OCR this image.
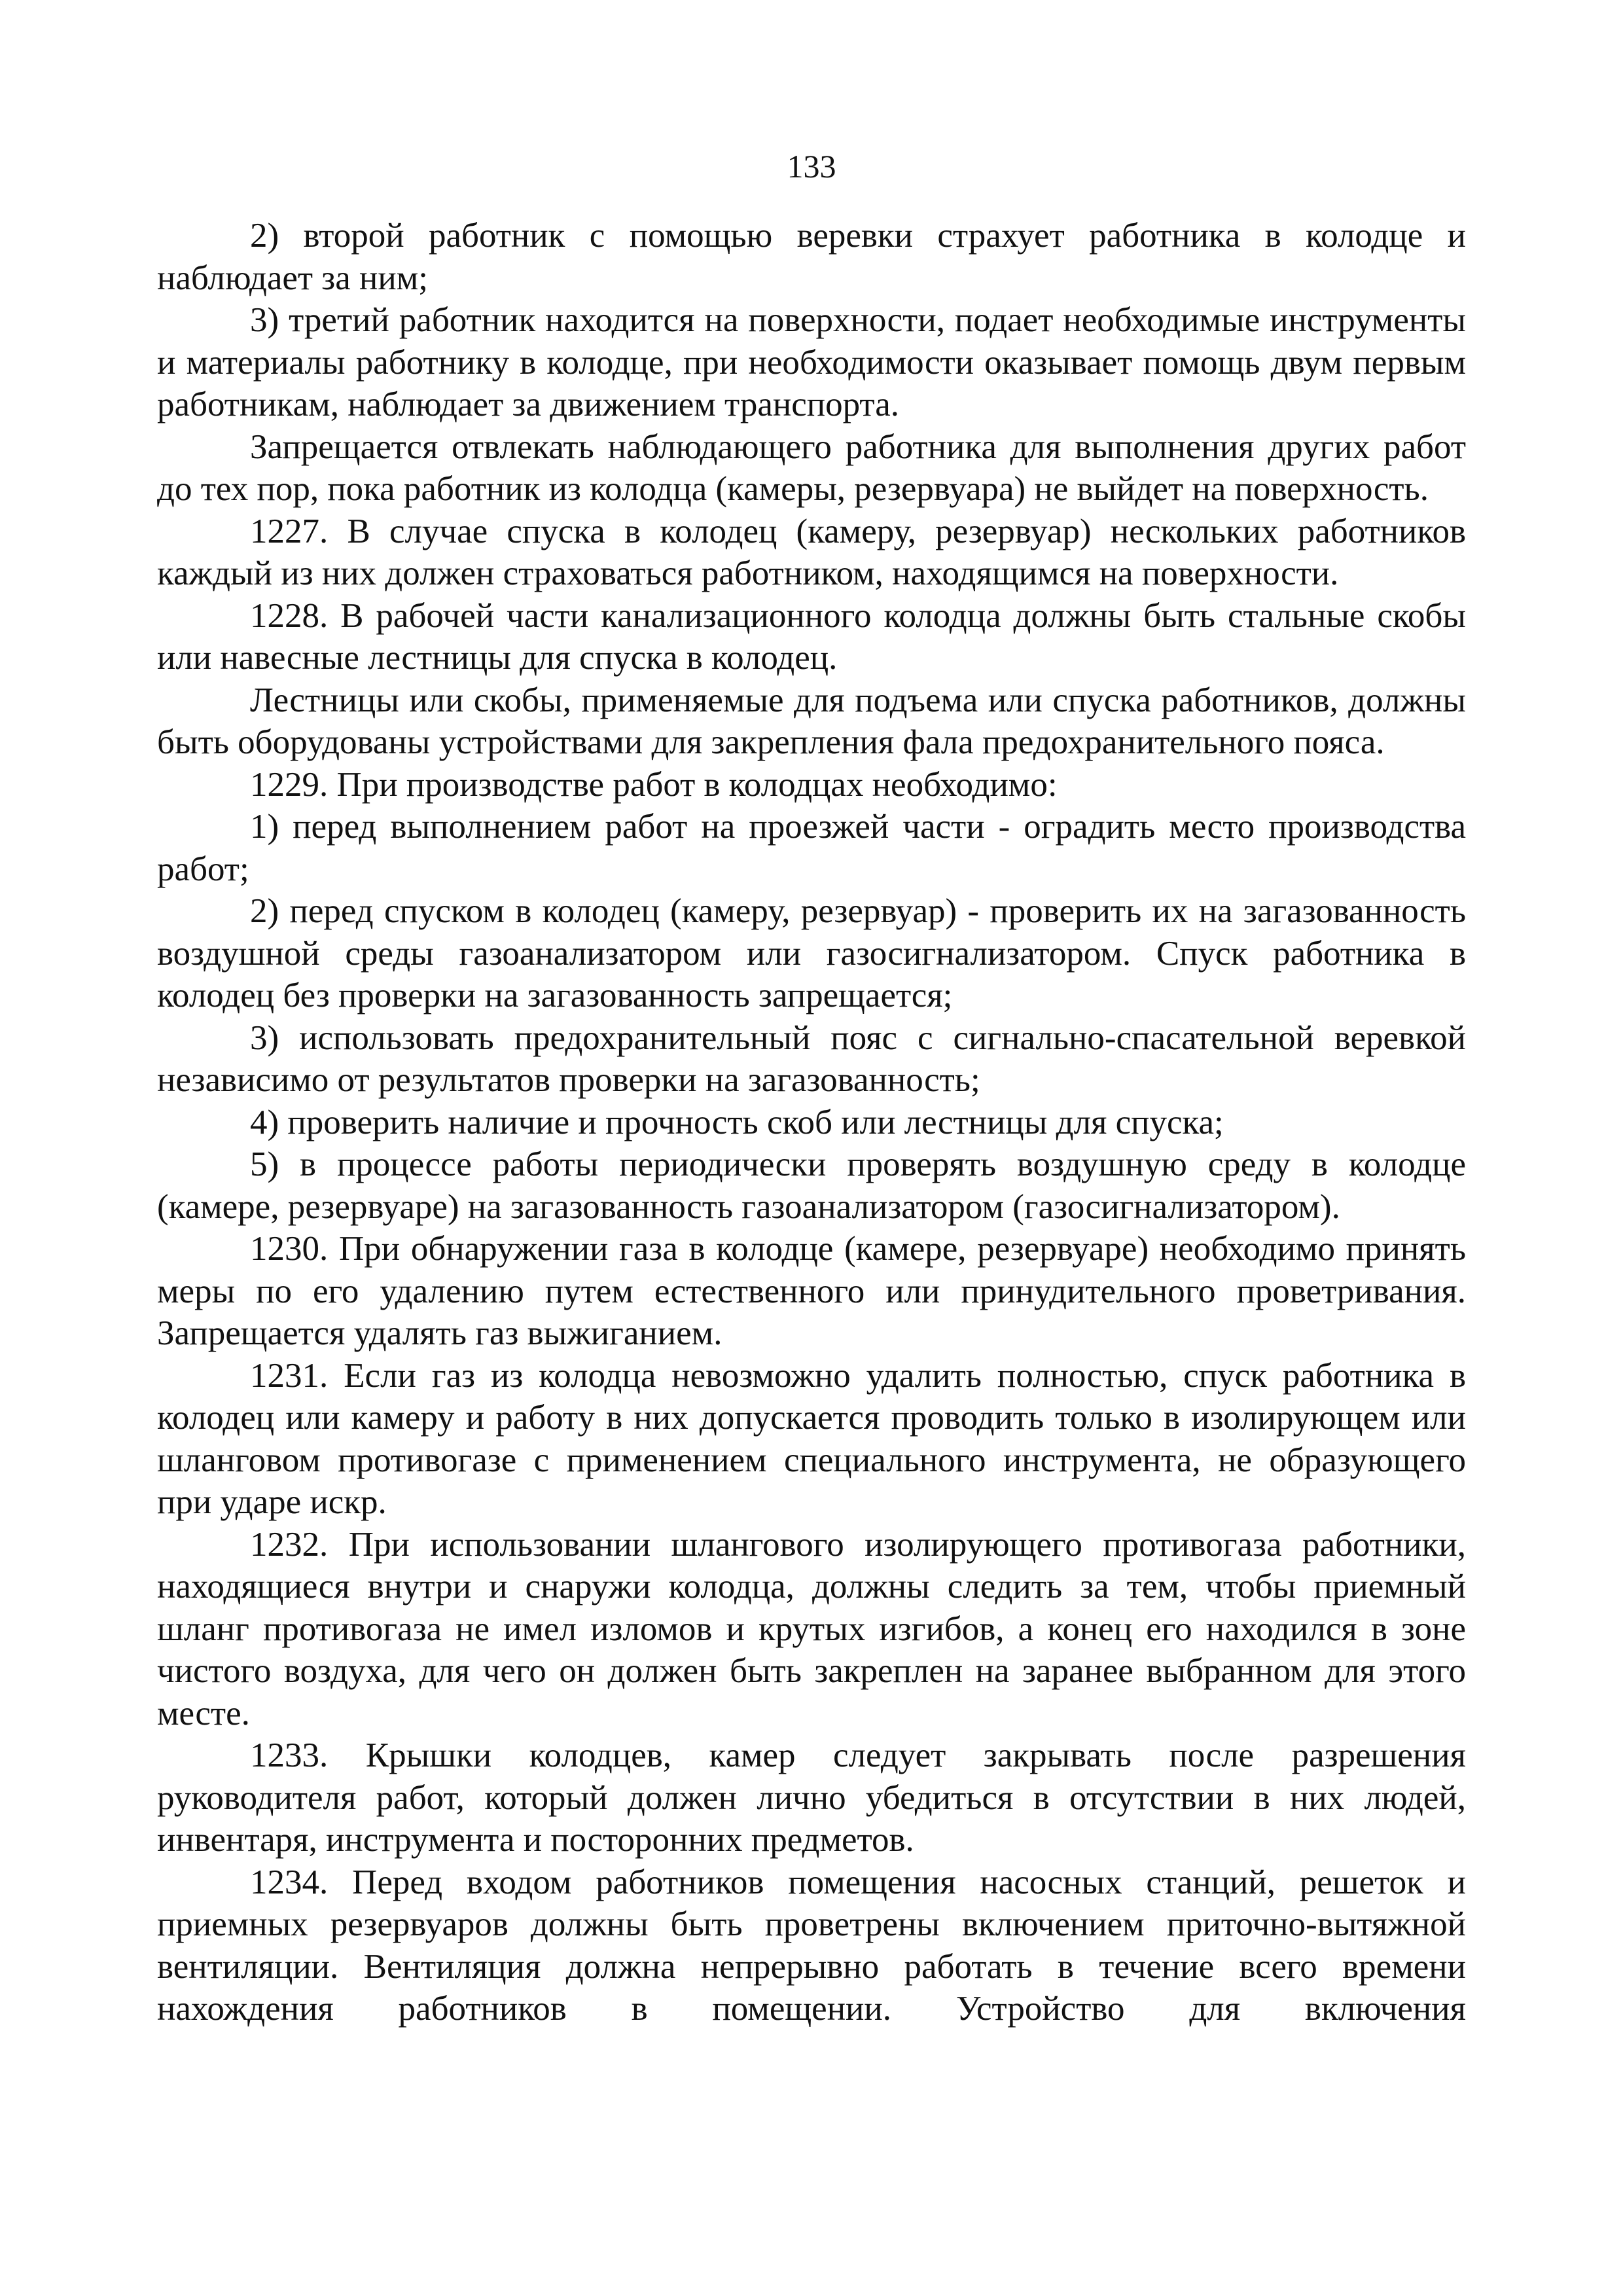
133

2) второй работник с помощью веревки страхует работника в колодце и наблюдает за ним;

3) третий работник находится на поверхности, подает необходимые инструменты и материалы работнику в колодце, при необходимости оказывает помощь двум первым работникам, наблюдает за движением транспорта.

Запрещается отвлекать наблюдающего работника для выполнения других работ до тех пор, пока работник из колодца (камеры, резервуара) не выйдет на поверхность.

1227. В случае спуска в колодец (камеру, резервуар) нескольких работников каждый из них должен страховаться работником, находящимся на поверхности.

1228. В рабочей части канализационного колодца должны быть стальные скобы или навесные лестницы для спуска в колодец.

Лестницы или скобы, применяемые для подъема или спуска работников, должны быть оборудованы устройствами для закрепления фала предохранительного пояса.

1229. При производстве работ в колодцах необходимо:

1) перед выполнением работ на проезжей части - оградить место производства работ;

2) перед спуском в колодец (камеру, резервуар) - проверить их на загазованность воздушной среды газоанализатором или газосигнализатором. Спуск работника в колодец без проверки на загазованность запрещается;

3) использовать предохранительный пояс с сигнально-спасательной веревкой независимо от результатов проверки на загазованность;

4) проверить наличие и прочность скоб или лестницы для спуска;

5) в процессе работы периодически проверять воздушную среду в колодце (камере, резервуаре) на загазованность газоанализатором (газосигнализатором).

1230. При обнаружении газа в колодце (камере, резервуаре) необходимо принять меры по его удалению путем естественного или принудительного проветривания. Запрещается удалять газ выжиганием.

1231. Если газ из колодца невозможно удалить полностью, спуск работника в колодец или камеру и работу в них допускается проводить только в изолирующем или шланговом противогазе с применением специального инструмента, не образующего при ударе искр.

1232. При использовании шлангового изолирующего противогаза работники, находящиеся внутри и снаружи колодца, должны следить за тем, чтобы приемный шланг противогаза не имел изломов и крутых изгибов, а конец его находился в зоне чистого воздуха, для чего он должен быть закреплен на заранее выбранном для этого месте.

1233. Крышки колодцев, камер следует закрывать после разрешения руководителя работ, который должен лично убедиться в отсутствии в них людей, инвентаря, инструмента и посторонних предметов.

1234. Перед входом работников помещения насосных станций, решеток и приемных резервуаров должны быть проветрены включением приточно-вытяжной вентиляции. Вентиляция должна непрерывно работать в течение всего времени нахождения работников в помещении. Устройство для включения
